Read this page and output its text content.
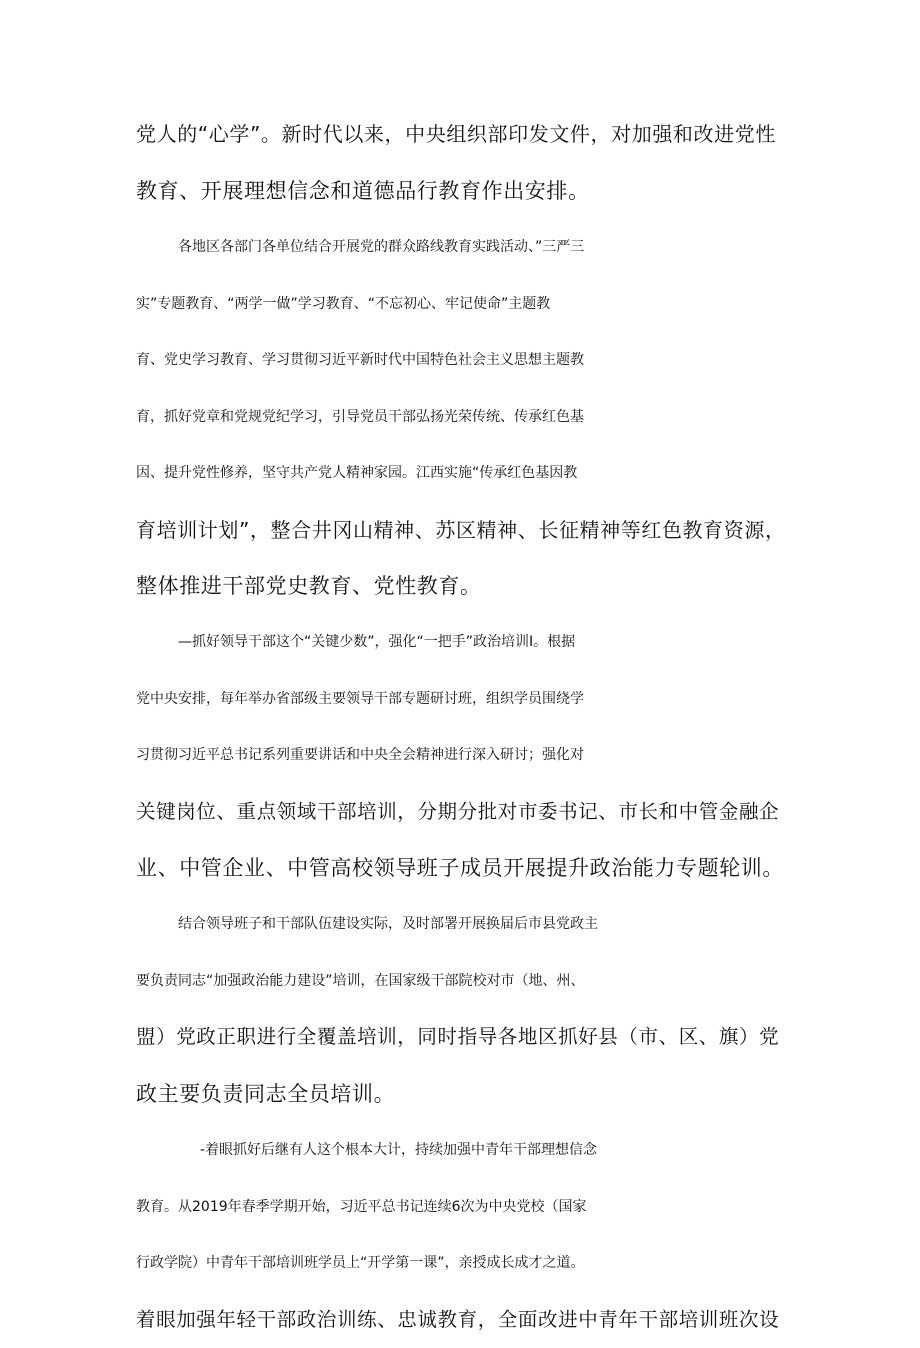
党人的“心学”。新时代以来，中央组织部印发文件，对加强和改进党性
教育、开展理想信念和道德品行教育作出安排。
各地区各部门各单位结合开展党的群众路线教育实践活动、”三严三
实”专题教育、“两学一做”学习教育、“不忘初心、牢记使命”主题教
育、党史学习教育、学习贯彻习近平新时代中国特色社会主义思想主题教
育，抓好党章和党规党纪学习，引导党员干部弘扬光荣传统、传承红色基
因、提升党性修养，坚守共产党人精神家园。江西实施“传承红色基因教
育培训计划”，整合井冈山精神、苏区精神、长征精神等红色教育资源，
整体推进干部党史教育、党性教育。
—抓好领导干部这个“关键少数”，强化“一把手”政治培训I。根据
党中央安排，每年举办省部级主要领导干部专题研讨班，组织学员围绕学
习贯彻习近平总书记系列重要讲话和中央全会精神进行深入研讨；强化对
关键岗位、重点领域干部培训，分期分批对市委书记、市长和中管金融企
业、中管企业、中管高校领导班子成员开展提升政治能力专题轮训。
结合领导班子和干部队伍建设实际，及时部署开展换届后市县党政主
要负责同志“加强政治能力建设”培训，在国家级干部院校对市（地、州、
盟）党政正职进行全覆盖培训，同时指导各地区抓好县（市、区、旗）党
政主要负责同志全员培训。
-着眼抓好后继有人这个根本大计，持续加强中青年干部理想信念
教育。从2019年春季学期开始，习近平总书记连续6次为中央党校（国家
行政学院）中青年干部培训班学员上“开学第一课”，亲授成长成才之道。
着眼加强年轻干部政治训练、忠诚教育，全面改进中青年干部培训班次设
